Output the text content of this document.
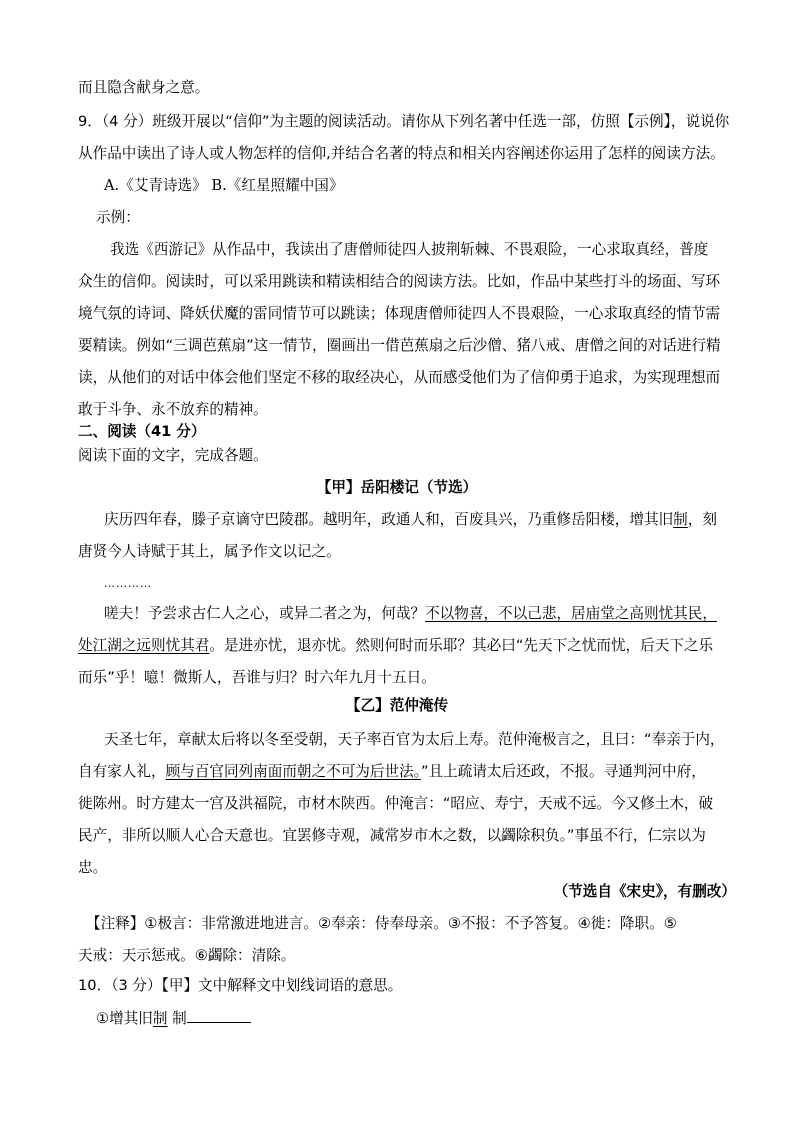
而且隐含献身之意。
9．（4 分）班级开展以“信仰”为主题的阅读活动。请你从下列名著中任选一部，仿照【示例】，说说你
从作品中读出了诗人或人物怎样的信仰,并结合名著的特点和相关内容阐述你运用了怎样的阅读方法。
A.《艾青诗选》 B.《红星照耀中国》
示例：
我选《西游记》从作品中，我读出了唐僧师徒四人披荆斩棘、不畏艰险，一心求取真经，普度
众生的信仰。阅读时，可以采用跳读和精读相结合的阅读方法。比如，作品中某些打斗的场面、写环
境气氛的诗词、降妖伏魔的雷同情节可以跳读；体现唐僧师徒四人不畏艰险，一心求取真经的情节需
要精读。例如“三调芭蕉扇”这一情节，圈画出一借芭蕉扇之后沙僧、猪八戒、唐僧之间的对话进行精
读，从他们的对话中体会他们坚定不移的取经决心，从而感受他们为了信仰勇于追求，为实现理想而
敢于斗争、永不放弃的精神。
二、阅读（41 分）
阅读下面的文字，完成各题。
【甲】岳阳楼记（节选）
庆历四年春，滕子京谪守巴陵郡。越明年，政通人和，百废具兴，乃重修岳阳楼，增其旧制，刻
唐贤今人诗赋于其上，属予作文以记之。
…………
嗟夫！予尝求古仁人之心，或异二者之为，何哉？不以物喜，不以己悲，居庙堂之高则忧其民，
处江湖之远则忧其君。是进亦忧，退亦忧。然则何时而乐耶？其必曰“先天下之忧而忧，后天下之乐
而乐”乎！噫！微斯人，吾谁与归？时六年九月十五日。
【乙】范仲淹传
天圣七年，章献太后将以冬至受朝，天子率百官为太后上寿。范仲淹极言之，且曰：“奉亲于内，
自有家人礼，顾与百官同列南面而朝之不可为后世法。”且上疏请太后还政，不报。寻通判河中府，
徙陈州。时方建太一宫及洪福院，市材木陕西。仲淹言：“昭应、寿宁，天戒不远。今又修土木，破
民产，非所以顺人心合天意也。宜罢修寺观，减常岁市木之数，以蠲除积负。”事虽不行，仁宗以为
忠。
（节选自《宋史》，有删改）
【注释】①极言：非常激进地进言。②奉亲：侍奉母亲。③不报：不予答复。④徙：降职。⑤
天戒：天示惩戒。⑥蠲除：清除。
10．（3 分）【甲】文中解释文中划线词语的意思。
①增其旧制 制
